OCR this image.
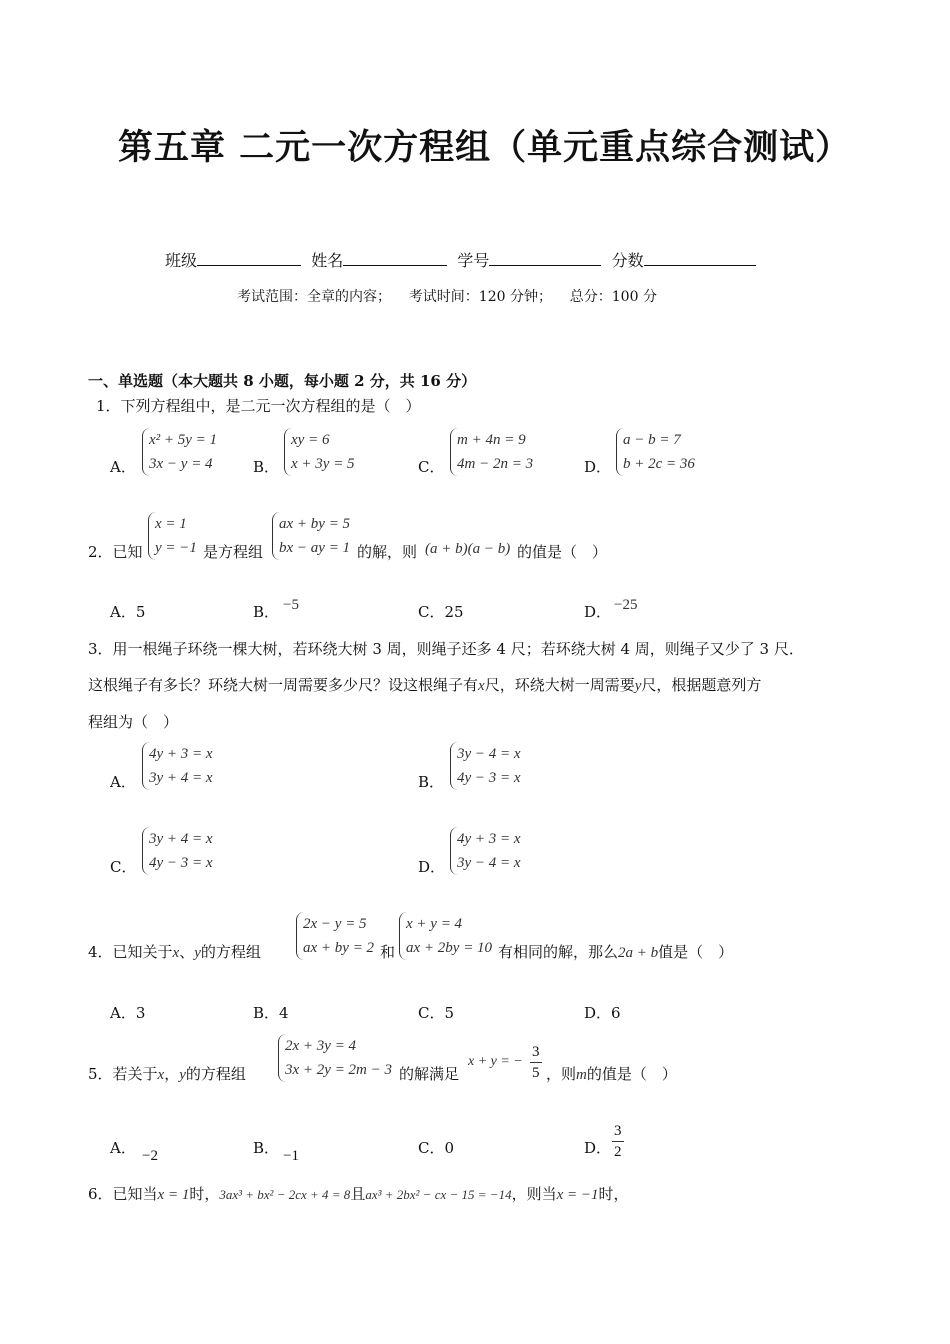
第五章 二元一次方程组（单元重点综合测试）
班级	姓名	学号	分数
考试范围：全章的内容；    考试时间：120 分钟；    总分：100 分
一、单选题（本大题共 8 小题，每小题 2 分，共 16 分）
1．下列方程组中，是二元一次方程组的是（　）
A．
x² + 5y = 1
3x − y = 4	B．
xy = 6
x + 3y = 5	C．
m + 4n = 9
4m − 2n = 3	D．
a − b = 7
b + 2c = 36
2．已知
x = 1
y = −1 是方程组
ax + by = 5
bx − ay = 1 的解，则 (a + b)(a − b) 的值是（　）
A．5	B． −5	C．25	D． −25
3．用一根绳子环绕一棵大树，若环绕大树 3 周，则绳子还多 4 尺；若环绕大树 4 周，则绳子又少了 3 尺．
这根绳子有多长？环绕大树一周需要多少尺？设这根绳子有x尺，环绕大树一周需要y尺，根据题意列方
程组为（　）
A．
4y + 3 = x
3y + 4 = x	B．
3y − 4 = x
4y − 3 = x
C．
3y + 4 = x
4y − 3 = x	D．
4y + 3 = x
3y − 4 = x
4．已知关于x、y的方程组
2x − y = 5
ax + by = 2 和
x + y = 4
ax + 2by = 10 有相同的解，那么2a + b值是（　）
A．3	B．4	C．5	D．6
5．若关于x，y的方程组
2x + 3y = 4
3x + 2y = 2m − 3 的解满足
x + y = − $\frac{3}{5}$ ，则m的值是（　）
A． −2	B． −1	C．0	D． $\frac{3}{2}$
6．已知当x = 1时，3ax³ + bx² − 2cx + 4 = 8且ax³ + 2bx² − cx − 15 = −14，则当x = −1时，
